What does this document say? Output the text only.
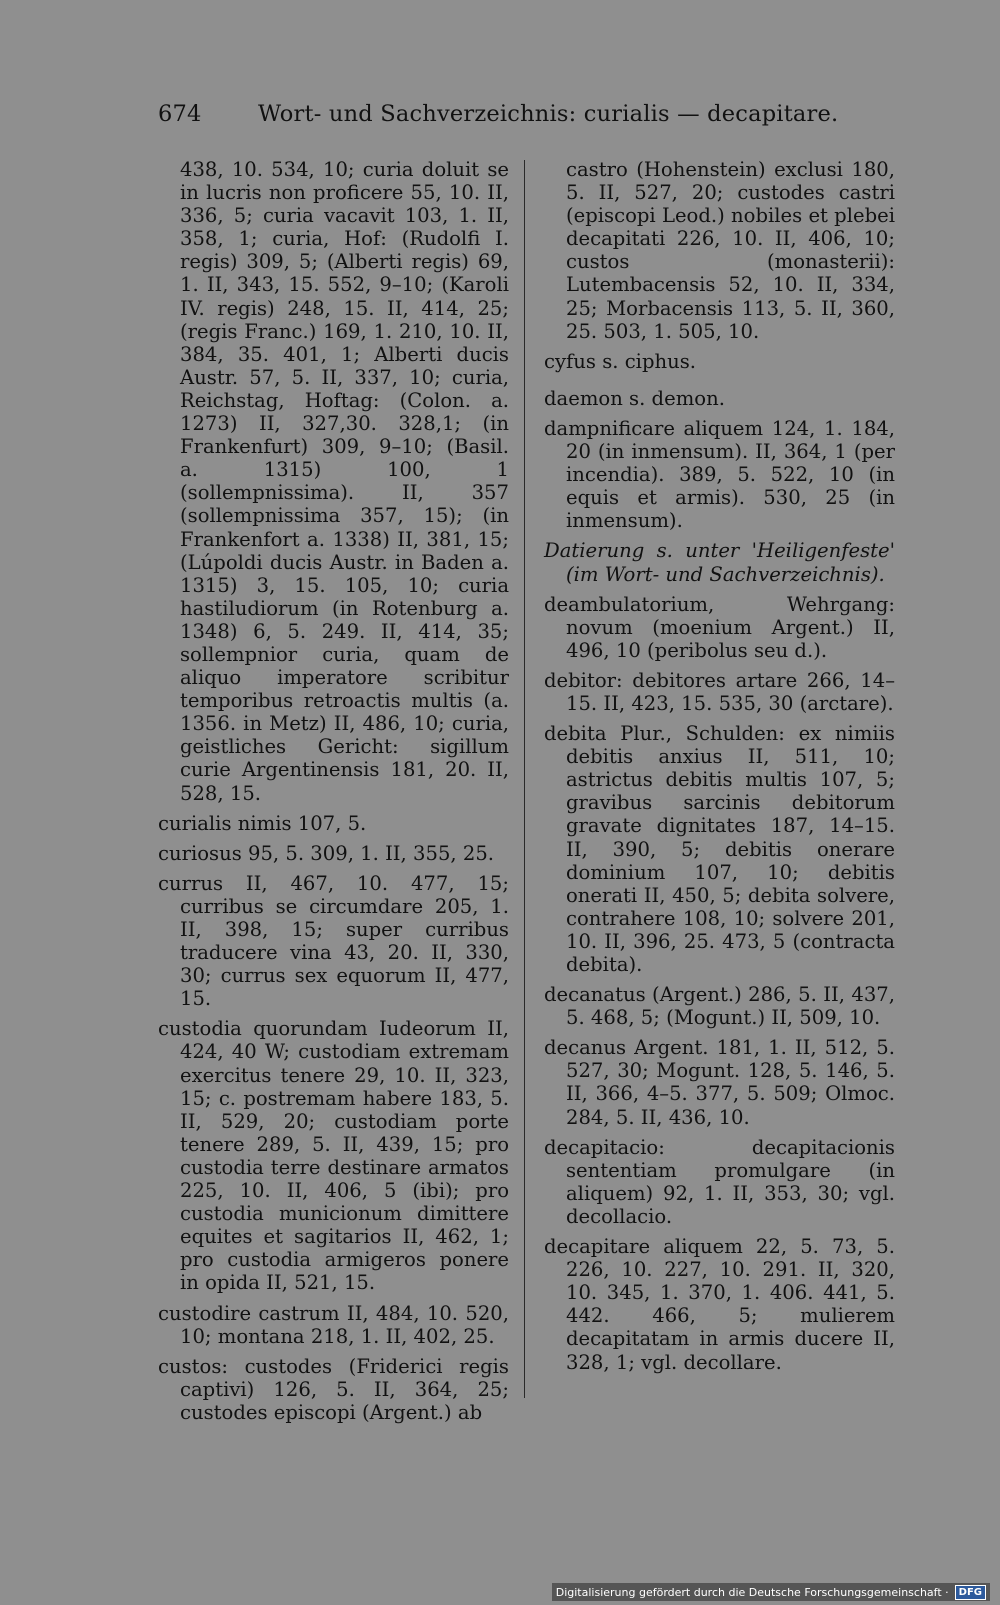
674	Wort- und Sachverzeichnis: curialis — decapitare.
438, 10. 534, 10; curia doluit se in lucris non proficere 55, 10. II, 336, 5; curia vacavit 103, 1. II, 358, 1; curia, Hof: (Rudolfi I. regis) 309, 5; (Alberti regis) 69, 1. II, 343, 15. 552, 9–10; (Karoli IV. regis) 248, 15. II, 414, 25; (regis Franc.) 169, 1. 210, 10. II, 384, 35. 401, 1; Alberti ducis Austr. 57, 5. II, 337, 10; curia, Reichstag, Hoftag: (Colon. a. 1273) II, 327,30. 328,1; (in Frankenfurt) 309, 9–10; (Basil. a. 1315) 100, 1 (sollempnissima). II, 357 (sollempnissima 357, 15); (in Frankenfort a. 1338) II, 381, 15; (Lúpoldi ducis Austr. in Baden a. 1315) 3, 15. 105, 10; curia hastiludiorum (in Rotenburg a. 1348) 6, 5. 249. II, 414, 35; sollempnior curia, quam de aliquo imperatore scribitur temporibus retroactis multis (a. 1356. in Metz) II, 486, 10; curia, geistliches Gericht: sigillum curie Argentinensis 181, 20. II, 528, 15.
curialis nimis 107, 5.
curiosus 95, 5. 309, 1. II, 355, 25.
currus II, 467, 10. 477, 15; curribus se circumdare 205, 1. II, 398, 15; super curribus traducere vina 43, 20. II, 330, 30; currus sex equorum II, 477, 15.
custodia quorundam Iudeorum II, 424, 40 W; custodiam extremam exercitus tenere 29, 10. II, 323, 15; c. postremam habere 183, 5. II, 529, 20; custodiam porte tenere 289, 5. II, 439, 15; pro custodia terre destinare armatos 225, 10. II, 406, 5 (ibi); pro custodia municionum dimittere equites et sagitarios II, 462, 1; pro custodia armigeros ponere in opida II, 521, 15.
custodire castrum II, 484, 10. 520, 10; montana 218, 1. II, 402, 25.
custos: custodes (Friderici regis captivi) 126, 5. II, 364, 25; custodes episcopi (Argent.) ab
castro (Hohenstein) exclusi 180, 5. II, 527, 20; custodes castri (episcopi Leod.) nobiles et plebei decapitati 226, 10. II, 406, 10; custos (monasterii): Lutembacensis 52, 10. II, 334, 25; Morbacensis 113, 5. II, 360, 25. 503, 1. 505, 10.
cyfus s. ciphus.
daemon s. demon.
dampnificare aliquem 124, 1. 184, 20 (in inmensum). II, 364, 1 (per incendia). 389, 5. 522, 10 (in equis et armis). 530, 25 (in inmensum).
Datierung s. unter 'Heiligenfeste' (im Wort- und Sachverzeichnis).
deambulatorium, Wehrgang: novum (moenium Argent.) II, 496, 10 (peribolus seu d.).
debitor: debitores artare 266, 14–15. II, 423, 15. 535, 30 (arctare).
debita Plur., Schulden: ex nimiis debitis anxius II, 511, 10; astrictus debitis multis 107, 5; gravibus sarcinis debitorum gravate dignitates 187, 14–15. II, 390, 5; debitis onerare dominium 107, 10; debitis onerati II, 450, 5; debita solvere, contrahere 108, 10; solvere 201, 10. II, 396, 25. 473, 5 (contracta debita).
decanatus (Argent.) 286, 5. II, 437, 5. 468, 5; (Mogunt.) II, 509, 10.
decanus Argent. 181, 1. II, 512, 5. 527, 30; Mogunt. 128, 5. 146, 5. II, 366, 4–5. 377, 5. 509; Olmoc. 284, 5. II, 436, 10.
decapitacio: decapitacionis sententiam promulgare (in aliquem) 92, 1. II, 353, 30; vgl. decollacio.
decapitare aliquem 22, 5. 73, 5. 226, 10. 227, 10. 291. II, 320, 10. 345, 1. 370, 1. 406. 441, 5. 442. 466, 5; mulierem decapitatam in armis ducere II, 328, 1; vgl. decollare.
Digitalisierung gefördert durch die Deutsche Forschungsgemeinschaft ·	DFG
